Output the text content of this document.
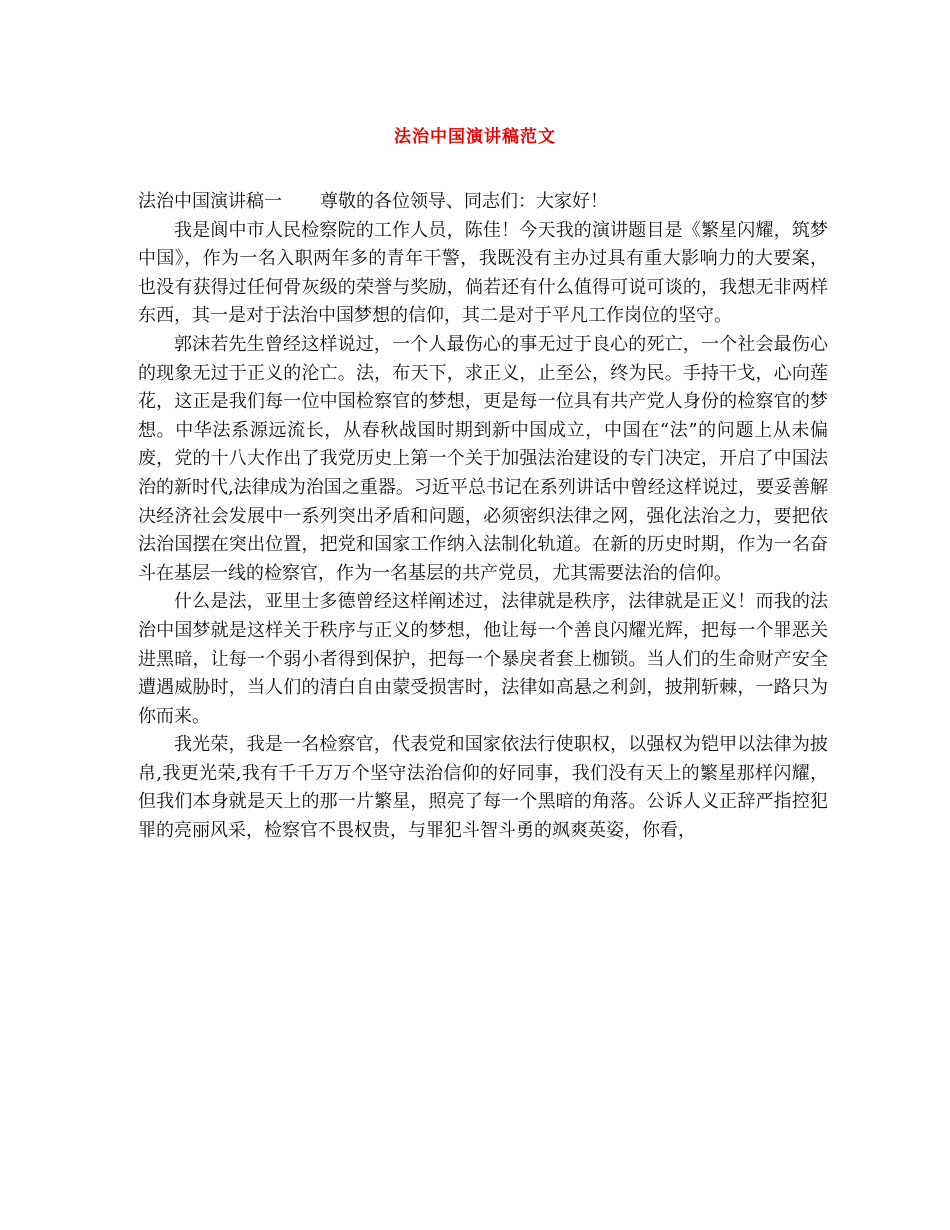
法治中国演讲稿范文

法治中国演讲稿一 尊敬的各位领导、同志们：大家好！

我是阆中市人民检察院的工作人员，陈佳！今天我的演讲题目是《繁星闪耀，筑梦中国》，作为一名入职两年多的青年干警，我既没有主办过具有重大影响力的大要案，也没有获得过任何骨灰级的荣誉与奖励，倘若还有什么值得可说可谈的，我想无非两样东西，其一是对于法治中国梦想的信仰，其二是对于平凡工作岗位的坚守。

郭沫若先生曾经这样说过，一个人最伤心的事无过于良心的死亡，一个社会最伤心的现象无过于正义的沦亡。法，布天下，求正义，止至公，终为民。手持干戈，心向莲花，这正是我们每一位中国检察官的梦想，更是每一位具有共产党人身份的检察官的梦想。中华法系源远流长，从春秋战国时期到新中国成立，中国在“法”的问题上从未偏废，党的十八大作出了我党历史上第一个关于加强法治建设的专门决定，开启了中国法治的新时代,法律成为治国之重器。习近平总书记在系列讲话中曾经这样说过，要妥善解决经济社会发展中一系列突出矛盾和问题，必须密织法律之网，强化法治之力，要把依法治国摆在突出位置，把党和国家工作纳入法制化轨道。在新的历史时期，作为一名奋斗在基层一线的检察官，作为一名基层的共产党员，尤其需要法治的信仰。

什么是法，亚里士多德曾经这样阐述过，法律就是秩序，法律就是正义！而我的法治中国梦就是这样关于秩序与正义的梦想，他让每一个善良闪耀光辉，把每一个罪恶关进黑暗，让每一个弱小者得到保护，把每一个暴戾者套上枷锁。当人们的生命财产安全遭遇威胁时，当人们的清白自由蒙受损害时，法律如高悬之利剑，披荆斩棘，一路只为你而来。

我光荣，我是一名检察官，代表党和国家依法行使职权，以强权为铠甲以法律为披帛,我更光荣,我有千千万万个坚守法治信仰的好同事，我们没有天上的繁星那样闪耀，但我们本身就是天上的那一片繁星，照亮了每一个黑暗的角落。公诉人义正辞严指控犯罪的亮丽风采，检察官不畏权贵，与罪犯斗智斗勇的飒爽英姿，你看，
